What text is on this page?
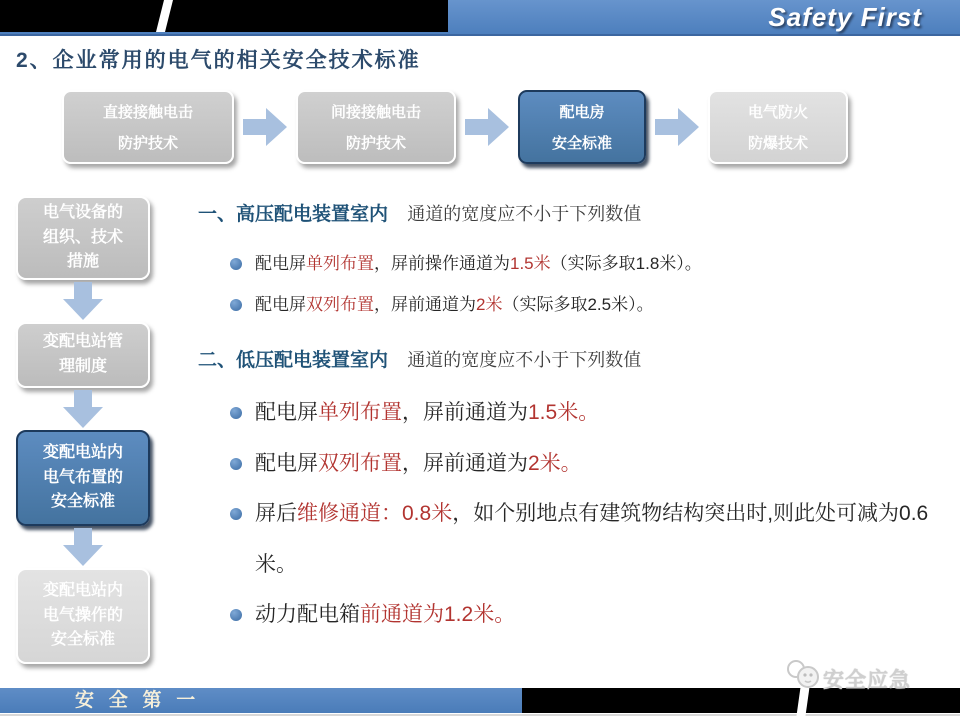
Safety First
2、企业常用的电气的相关安全技术标准
直接接触电击
防护技术
间接接触电击
防护技术
配电房
安全标准
电气防火
防爆技术
电气设备的
组织、技术
措施
变配电站管
理制度
变配电站内
电气布置的
安全标准
变配电站内
电气操作的
安全标准

一、高压配电装置室内 通道的宽度应不小于下列数值

配电屏单列布置，屏前操作通道为1.5米（实际多取1.8米）。
配电屏双列布置，屏前通道为2米（实际多取2.5米）。

二、低压配电装置室内 通道的宽度应不小于下列数值

配电屏单列布置，屏前通道为1.5米。
配电屏双列布置，屏前通道为2米。
屏后维修通道：0.8米，如个别地点有建筑物结构突出时,则此处可减为0.6米。
动力配电箱前通道为1.2米。
安 全 第 一
安全应急
